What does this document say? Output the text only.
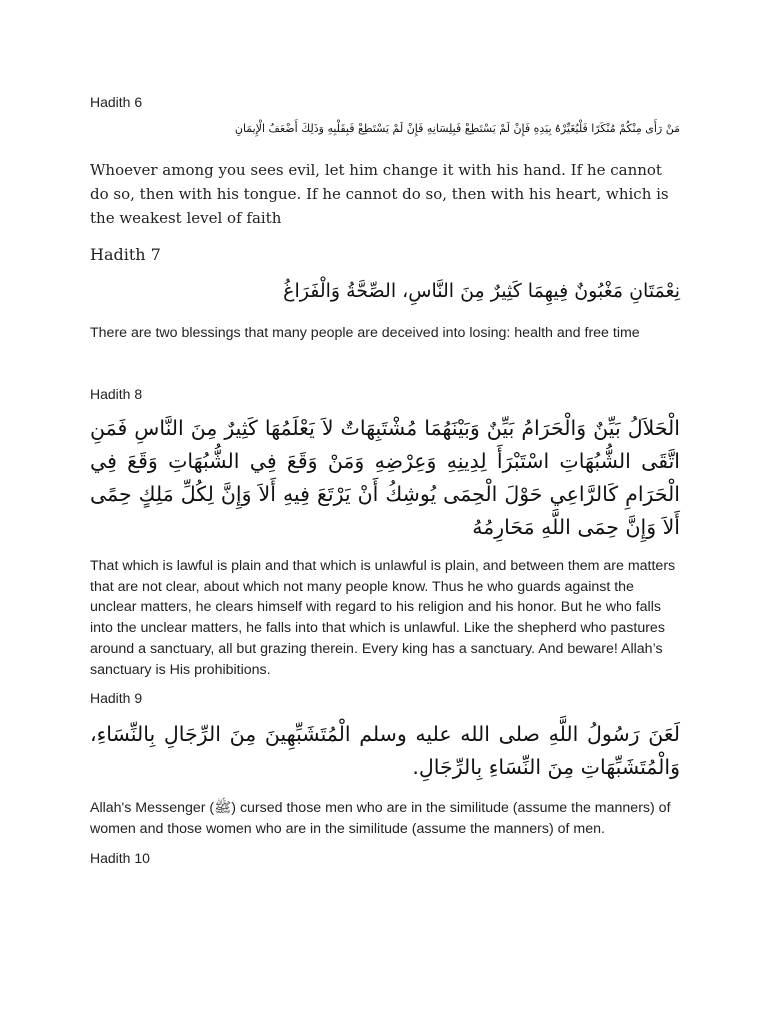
Hadith 6
مَنْ رَأَى مِنْكُمْ مُنْكَرًا فَلْيُغَيِّرْهُ بِيَدِهِ فَإِنْ لَمْ يَسْتَطِعْ فَبِلِسَانِهِ فَإِنْ لَمْ يَسْتَطِعْ فَبِقَلْبِهِ وَذَلِكَ أَضْعَفُ الْإِيمَانِ
Whoever among you sees evil, let him change it with his hand. If he cannot do so, then with his tongue. If he cannot do so, then with his heart, which is the weakest level of faith
Hadith 7
نِعْمَتَانِ مَغْبُونٌ فِيهِمَا كَثِيرٌ مِنَ النَّاسِ، الصِّحَّةُ وَالْفَرَاغُ
There are two blessings that many people are deceived into losing: health and free time
Hadith 8
الْحَلاَلُ بَيِّنٌ وَالْحَرَامُ بَيِّنٌ وَبَيْنَهُمَا مُشْتَبِهَاتٌ لاَ يَعْلَمُهَا كَثِيرٌ مِنَ النَّاسِ فَمَنِ اتَّقَى الشُّبُهَاتِ اسْتَبْرَأَ لِدِينِهِ وَعِرْضِهِ وَمَنْ وَقَعَ فِي الشُّبُهَاتِ وَقَعَ فِي الْحَرَامِ كَالرَّاعِي حَوْلَ الْحِمَى يُوشِكُ أَنْ يَرْتَعَ فِيهِ أَلاَ وَإِنَّ لِكُلِّ مَلِكٍ حِمًى أَلاَ وَإِنَّ حِمَى اللَّهِ مَحَارِمُهُ
That which is lawful is plain and that which is unlawful is plain, and between them are matters that are not clear, about which not many people know. Thus he who guards against the unclear matters, he clears himself with regard to his religion and his honor. But he who falls into the unclear matters, he falls into that which is unlawful. Like the shepherd who pastures around a sanctuary, all but grazing therein. Every king has a sanctuary. And beware! Allah’s sanctuary is His prohibitions.
Hadith 9
لَعَنَ رَسُولُ اللَّهِ صلى الله عليه وسلم الْمُتَشَبِّهِينَ مِنَ الرِّجَالِ بِالنِّسَاءِ، وَالْمُتَشَبِّهَاتِ مِنَ النِّسَاءِ بِالرِّجَالِ.
Allah's Messenger (ﷺ) cursed those men who are in the similitude (assume the manners) of women and those women who are in the similitude (assume the manners) of men.
Hadith 10
